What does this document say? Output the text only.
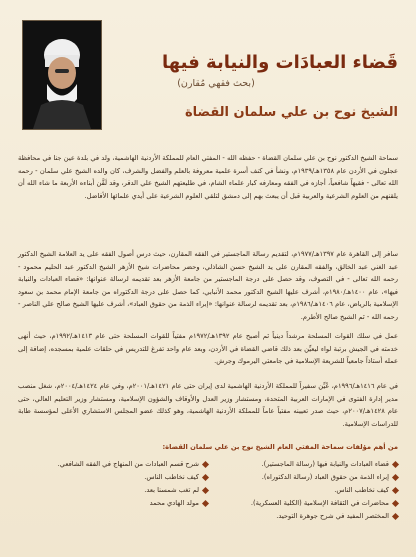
قَضاء العبادَات والنيابة فيها
(بحث فقهي مُقارن)
الشيخ نوح بن علي سلمان القضاة
سماحة الشيخ الدكتور نوح بن علي سلمان القضاة - حفظه الله - المفتي العام للمملكة الأردنية الهاشمية، ولد في بلدة عين جنا في محافظة عجلون في الأردن عام ١٣٥٨هـ/١٩٣٩م، ونشأ في كنف أسرة علمية معروفة بالعلم والفضل والشرف، كان والده الشيخ علي سلمان - رحمه الله تعالى - فقيهاً شافعياً، أجازه في الفقه ومعارفه كبار علماء الشام، في طليعتهم الشيخ علي الدقر، وقد لَقَّن أبناءه الأربعة ما شاء الله أن يلقنهم من العلوم الشرعية والعربية قبل أن يبعث بهم إلى دمشق لتلقي العلوم الشرعية على أيدي علمائها الأفاضل.
سافر إلى القاهرة عام ١٣٩٧هـ/١٩٧٧م، لتقديم رسالة الماجستير في الفقه المقارن، حيث درس أصول الفقه على يد العلامة الشيخ الدكتور عبد الغني عبد الخالق، والفقه المقارن على يد الشيخ حسن الشاذلي، وحضر محاضرات شيخ الأزهر الشيخ الدكتور عبد الحليم محمود - رحمه الله تعالى - في التصوف، وقد حصل على درجة الماجستير من جامعة الأزهر بعد تقديمه لرسالة عنوانها: «قضاء العبادات والنيابة فيها»، عام ١٤٠٠هـ/١٩٨٠م، أشرف عليها الشيخ الدكتور محمد الأنبابي، كما حصل على درجة الدكتوراه من جامعة الإمام محمد بن سعود الإسلامية بالرياض، عام ١٤٠٦هـ/١٩٨٦م، بعد تقديمه لرسالة عنوانها: «إبراء الذمة من حقوق العباد»، أشرف عليها الشيخ صالح علي الناصر - رحمه الله - ثم الشيخ صالح الأطرم.
عمل في سلك القوات المسلحة مرشداً دينياً ثم أصبح عام ١٣٩٢هـ/١٩٧٢م مفتياً للقوات المسلحة حتى عام ١٤١٣هـ/١٩٩٢م، حيث أنهى خدمته في الجيش برتبة لواء ليعيِّن بعد ذلك قاضي القضاة في الأردن، وبعد عام واحد تفرغ للتدريس في حلقات علمية بمسجده، إضافة إلى عمله أستاذاً جامعياً للشريعة الإسلامية في جامعتي اليرموك وجرش.
في عام ١٤١٦هـ/١٩٩٦م، عُيِّن سفيراً للمملكة الأردنية الهاشمية لدى إيران حتى عام ١٤٢١هـ/٢٠٠١م، وفي عام ١٤٢٤هـ/٢٠٠٤م، شغل منصب مدير إدارة الفتوى في الإمارات العربية المتحدة، ومستشار وزير العدل والأوقاف والشؤون الإسلامية، ومستشار وزير التعليم العالي، حتى عام ١٤٢٨هـ/٢٠٠٧م، حيث صدر تعيينه مفتياً عاماً للمملكة الأردنية الهاشمية، وهو كذلك عضو المجلس الاستشاري الأعلى لمؤسسة طابة للدراسات الإسلامية.
من أهم مؤلفات سماحة المفتي العام الشيخ نوح بن علي سلمان القضاة:
قضاء العبادات والنيابة فيها (رسالة الماجستير).
إبراء الذمة من حقوق العباد (رسالة الدكتوراه).
كيف نخاطب الناس.
محاضرات في الثقافة الإسلامية (الكلية العسكرية).
المختصر المفيد في شرح جوهرة التوحيد.
شرح قسم العبادات من المنهاج في الفقه الشافعي.
كيف نخاطب الناس.
لم تغب شمسنا بعد.
مولد الهادي محمد
